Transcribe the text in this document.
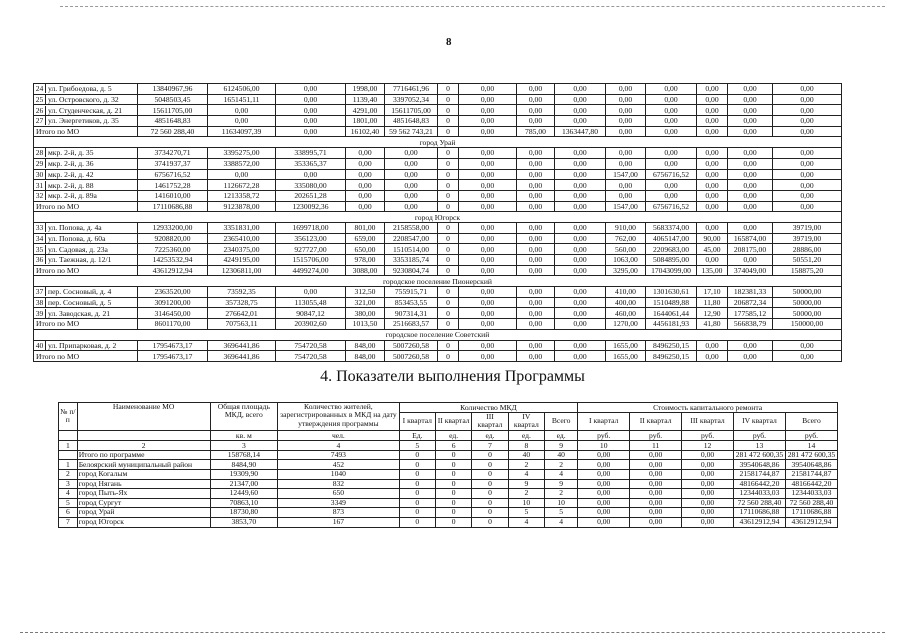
8
24 ул. Грибоедова, д. 5	13840967,96	6124506,00	0,00	1998,00	7716461,96	0	0,00	0,00	0,00	0,00	0,00	0,00	0,00	0,00
25 ул. Островского, д. 32	5048503,45	1651451,11	0,00	1139,40	3397052,34	0	0,00	0,00	0,00	0,00	0,00	0,00	0,00	0,00
26 ул. Студенческая, д. 21	15611705,00	0,00	0,00	4291,00	15611705,00	0	0,00	0,00	0,00	0,00	0,00	0,00	0,00	0,00
27 ул. Энергетиков, д. 35	4851648,83	0,00	0,00	1801,00	4851648,83	0	0,00	0,00	0,00	0,00	0,00	0,00	0,00	0,00
Итого по МО	72 560 288,40	11634097,39	0,00	16102,40	59 562 743,21	0	0,00	785,00	1363447,80	0,00	0,00	0,00	0,00	0,00
город Урай														
28 мкр. 2-й, д. 35	3734270,71	3395275,00	338995,71	0,00	0,00	0	0,00	0,00	0,00	0,00	0,00	0,00	0,00	0,00
29 мкр. 2-й, д. 36	3741937,37	3388572,00	353365,37	0,00	0,00	0	0,00	0,00	0,00	0,00	0,00	0,00	0,00	0,00
30 мкр. 2-й, д. 42	6756716,52	0,00	0,00	0,00	0,00	0	0,00	0,00	0,00	1547,00	6756716,52	0,00	0,00	0,00
31 мкр. 2-й, д. 88	1461752,28	1126672,28	335080,00	0,00	0,00	0	0,00	0,00	0,00	0,00	0,00	0,00	0,00	0,00
32 мкр. 2-й, д. 89а	1416010,00	1213358,72	202651,28	0,00	0,00	0	0,00	0,00	0,00	0,00	0,00	0,00	0,00	0,00
Итого по МО	17110686,88	9123878,00	1230092,36	0,00	0,00	0	0,00	0,00	0,00	1547,00	6756716,52	0,00	0,00	0,00
город Югорск														
33 ул. Попова, д. 4а	12933200,00	3351831,00	1699718,00	801,00	2158558,00	0	0,00	0,00	0,00	910,00	5683374,00	0,00	0,00	39719,00
34 ул. Попова, д. 60а	9208820,00	2365410,00	356123,00	659,00	2208547,00	0	0,00	0,00	0,00	762,00	4065147,00	90,00	165874,00	39719,00
35 ул. Садовая, д. 23а	7225360,00	2340375,00	927727,00	650,00	1510514,00	0	0,00	0,00	0,00	560,00	2209683,00	45,00	208175,00	28886,00
36 ул. Таежная, д. 12/1	14253532,94	4249195,00	1515706,00	978,00	3353185,74	0	0,00	0,00	0,00	1063,00	5084895,00	0,00	0,00	50551,20
Итого по МО	43612912,94	12306811,00	4499274,00	3088,00	9230804,74	0	0,00	0,00	0,00	3295,00	17043099,00	135,00	374049,00	158875,20
городское поселение Пионерский														
37 пер. Сосновый, д. 4	2363520,00	73592,35	0,00	312,50	755915,71	0	0,00	0,00	0,00	410,00	1301630,61	17,10	182381,33	50000,00
38 пер. Сосновый, д. 5	3091200,00	357328,75	113055,48	321,00	853453,55	0	0,00	0,00	0,00	400,00	1510489,88	11,80	206872,34	50000,00
39 ул. Заводская, д. 21	3146450,00	276642,01	90847,12	380,00	907314,31	0	0,00	0,00	0,00	460,00	1644061,44	12,90	177585,12	50000,00
Итого по МО	8601170,00	707563,11	203902,60	1013,50	2516683,57	0	0,00	0,00	0,00	1270,00	4456181,93	41,80	566838,79	150000,00
городское поселение Советский														
40 ул. Припарковая, д. 2	17954673,17	3696441,86	754720,58	848,00	5007260,58	0	0,00	0,00	0,00	1655,00	8496250,15	0,00	0,00	0,00
Итого по МО	17954673,17	3696441,86	754720,58	848,00	5007260,58	0	0,00	0,00	0,00	1655,00	8496250,15	0,00	0,00	0,00
4. Показатели выполнения Программы
№ п/п	Наименование МО	Общая площадь МКД, всего	Количество жителей, зарегистрированных в МКД на дату утверждения программы	Количество МКД					Стоимость капитального ремонта				
				I квартал	II квартал	III квартал	IV квартал	Всего	I квартал	II квартал	III квартал	IV квартал	Всего
		кв. м	чел.	Ед.	ед.	ед.	ед.	ед.	руб.	руб.	руб.	руб.	руб.
1	2	3	4	5	6	7	8	9	10	11	12	13	14
	Итого по программе	158768,14	7493	0	0	0	40	40	0,00	0,00	0,00	281 472 600,35	281 472 600,35
1	Белоярский муниципальный район	8484,90	452	0	0	0	2	2	0,00	0,00	0,00	39540648,86	39540648,86
2	город Когалым	19309,90	1040	0	0	0	4	4	0,00	0,00	0,00	21581744,87	21581744,87
3	город Нягань	21347,00	832	0	0	0	9	9	0,00	0,00	0,00	48166442,20	48166442,20
4	город Пыть-Ях	12449,60	650	0	0	0	2	2	0,00	0,00	0,00	12344033,03	12344033,03
5	город Сургут	70863,10	3349	0	0	0	10	10	0,00	0,00	0,00	72 560 288,40	72 560 288,40
6	город Урай	18730,80	873	0	0	0	5	5	0,00	0,00	0,00	17110686,88	17110686,88
7	город Югорск	3853,70	167	0	0	0	4	4	0,00	0,00	0,00	43612912,94	43612912,94
